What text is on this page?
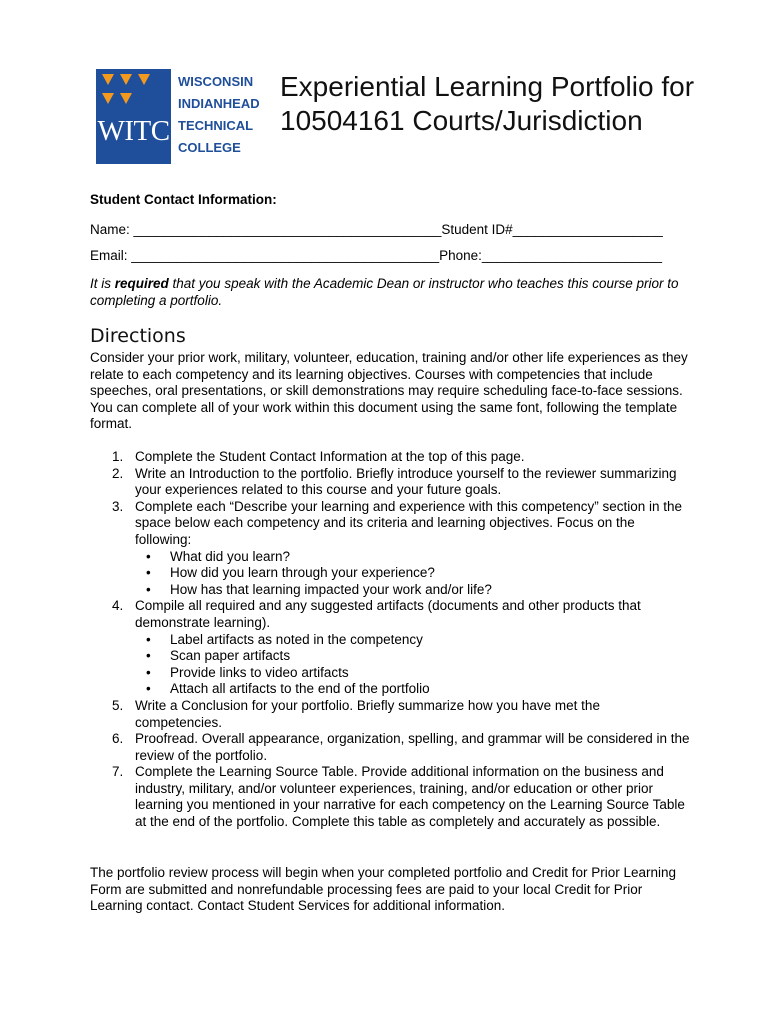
WITC
WISCONSIN
INDIANHEAD
TECHNICAL
COLLEGE
Experiential Learning Portfolio for
10504161 Courts/Jurisdiction
Student Contact Information:
Name: _________________________________________Student ID#____________________
Email: _________________________________________Phone:________________________
It is required that you speak with the Academic Dean or instructor who teaches this course prior to completing a portfolio.
Directions
Consider your prior work, military, volunteer, education, training and/or other life experiences as they relate to each competency and its learning objectives. Courses with competencies that include speeches, oral presentations, or skill demonstrations may require scheduling face-to-face sessions. You can complete all of your work within this document using the same font, following the template format.
1. Complete the Student Contact Information at the top of this page.
2. Write an Introduction to the portfolio. Briefly introduce yourself to the reviewer summarizing your experiences related to this course and your future goals.
3. Complete each “Describe your learning and experience with this competency” section in the space below each competency and its criteria and learning objectives. Focus on the following:
• What did you learn?
• How did you learn through your experience?
• How has that learning impacted your work and/or life?
4. Compile all required and any suggested artifacts (documents and other products that demonstrate learning).
• Label artifacts as noted in the competency
• Scan paper artifacts
• Provide links to video artifacts
• Attach all artifacts to the end of the portfolio
5. Write a Conclusion for your portfolio. Briefly summarize how you have met the competencies.
6. Proofread. Overall appearance, organization, spelling, and grammar will be considered in the review of the portfolio.
7. Complete the Learning Source Table. Provide additional information on the business and industry, military, and/or volunteer experiences, training, and/or education or other prior learning you mentioned in your narrative for each competency on the Learning Source Table at the end of the portfolio. Complete this table as completely and accurately as possible.
The portfolio review process will begin when your completed portfolio and Credit for Prior Learning Form are submitted and nonrefundable processing fees are paid to your local Credit for Prior Learning contact. Contact Student Services for additional information.
